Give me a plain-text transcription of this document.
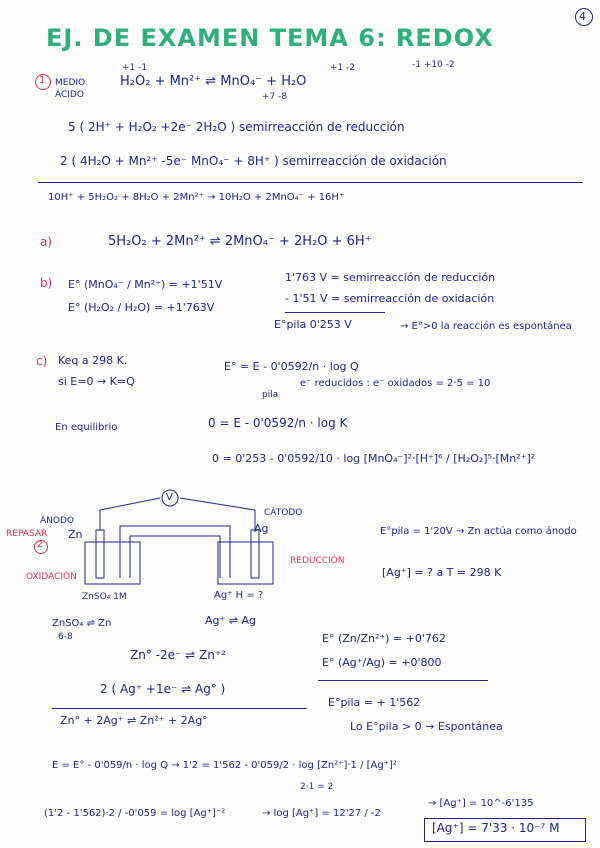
EJ. DE EXAMEN TEMA 6: REDOX
4
1 MEDIO
ÁCIDO
+1 -1	+1 -2	-1 +10 -2
H₂O₂ + Mn²⁺ ⇌ MnO₄⁻ + H₂O
+7 -8
5 ( 2H⁺ + H₂O₂ +2e⁻ 2H₂O ) semirreacción de reducción
2 ( 4H₂O + Mn²⁺ -5e⁻ MnO₄⁻ + 8H⁺ ) semirreacción de oxidación
10H⁺ + 5H₂O₂ + 8H₂O + 2Mn²⁺ → 10H₂O + 2MnO₄⁻ + 16H⁺
a)	5H₂O₂ + 2Mn²⁺ ⇌ 2MnO₄⁻ + 2H₂O + 6H⁺
b) E° (MnO₄⁻ / Mn²⁺) = +1'51V
E° (H₂O₂ / H₂O) = +1'763V
1'763 V = semirreacción de reducción
- 1'51 V = semirreacción de oxidación
E°pila 0'253 V	→ E°>0 la reacción es espontánea
c) Keq a 298 K.
si E=0 → K=Q
E° = E - 0'0592/n · log Q
pila
e⁻ reducidos : e⁻ oxidados = 2·5 = 10
En equilibrio	0 = E - 0'0592/n · log K
0 = 0'253 - 0'0592/10 · log [MnO₄⁻]²·[H⁺]⁶ / [H₂O₂]⁵·[Mn²⁺]²
V
ÁNODO
REPASAR
2
OXIDACIÓN
Zn
CÁTODO
Ag
REDUCCIÓN
ZnSO₄ 1M	Ag⁺ H = ?
E°pila = 1'20V → Zn actúa como ánodo
[Ag⁺] = ? a T = 298 K
ZnSO₄ ⇌ Zn	Ag⁺ ⇌ Ag
6-8
Zn° -2e⁻ ⇌ Zn⁺²
2 ( Ag⁺ +1e⁻ ⇌ Ag° )
Zn° + 2Ag⁺ ⇌ Zn²⁺ + 2Ag°
E° (Zn/Zn²⁺) = +0'762
E° (Ag⁺/Ag) = +0'800
E°pila = + 1'562
Lo E°pila > 0 → Espontánea
E = E° - 0'059/n · log Q → 1'2 = 1'562 - 0'059/2 · log [Zn²⁺]·1 / [Ag⁺]²
2·1 = 2
(1'2 - 1'562)·2 / -0'059 = log [Ag⁺]⁻²	→ log [Ag⁺] = 12'27 / -2
→ [Ag⁺] = 10^-6'135
[Ag⁺] = 7'33 · 10⁻⁷ M
